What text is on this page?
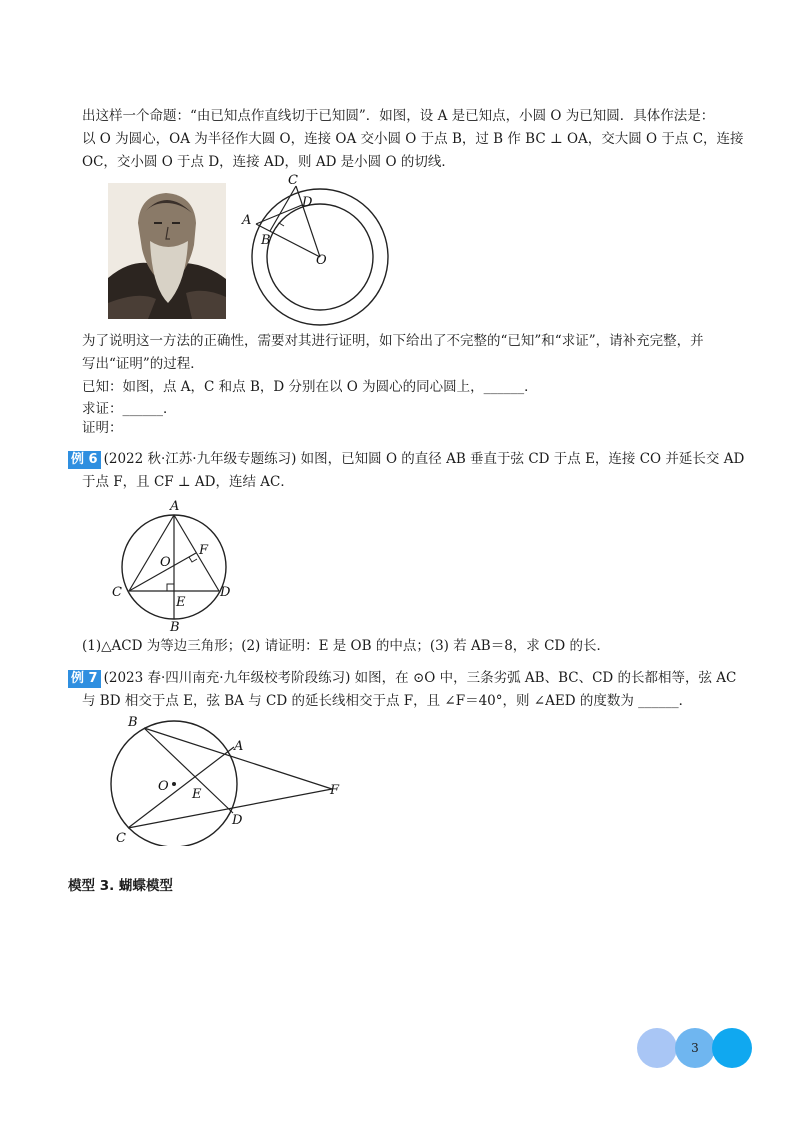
出这样一个命题：“由已知点作直线切于已知圆”．如图，设 A 是已知点，小圆 O 为已知圆．具体作法是：
以 O 为圆心，OA 为半径作大圆 O，连接 OA 交小圆 O 于点 B，过 B 作 BC ⊥ OA，交大圆 O 于点 C，连接
OC，交小圆 O 于点 D，连接 AD，则 AD 是小圆 O 的切线．
A
B
C
D
O
为了说明这一方法的正确性，需要对其进行证明，如下给出了不完整的“已知”和“求证”，请补充完整，并
写出“证明”的过程．
已知：如图，点 A，C 和点 B，D 分别在以 O 为圆心的同心圆上，______．
求证：______．
证明：
例 6 (2022 秋·江苏·九年级专题练习) 如图，已知圆 O 的直径 AB 垂直于弦 CD 于点 E，连接 CO 并延长交 AD
于点 F，且 CF ⊥ AD，连结 AC．
A
B
C	D
E
F
O
(1)△ACD 为等边三角形；(2) 请证明：E 是 OB 的中点；(3) 若 AB＝8，求 CD 的长．
例 7 (2023 春·四川南充·九年级校考阶段练习) 如图，在 ⊙O 中，三条劣弧 AB、BC、CD 的长都相等，弦 AC
与 BD 相交于点 E，弦 BA 与 CD 的延长线相交于点 F，且 ∠F＝40°，则 ∠AED 的度数为 ______．
B
A
C
D
E	F
O
模型 3. 蝴蝶模型
3
